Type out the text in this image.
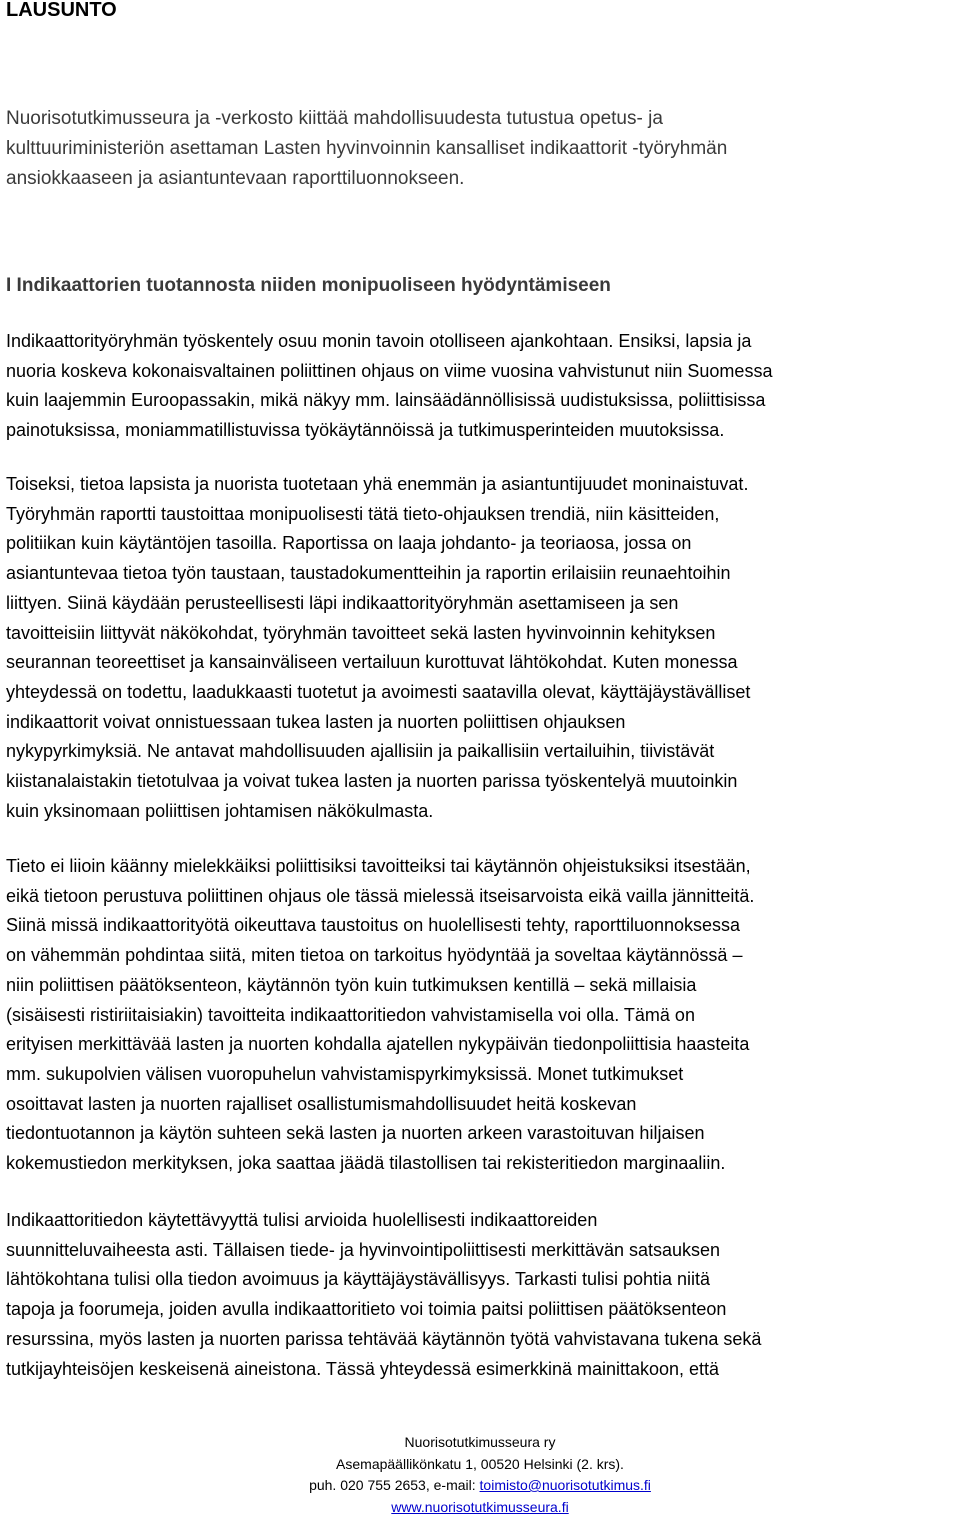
LAUSUNTO
Nuorisotutkimusseura ja -verkosto kiittää mahdollisuudesta tutustua opetus- ja
kulttuuriministeriön asettaman Lasten hyvinvoinnin kansalliset indikaattorit -työryhmän
ansiokkaaseen ja asiantuntevaan raporttiluonnokseen.
I Indikaattorien tuotannosta niiden monipuoliseen hyödyntämiseen
Indikaattorityöryhmän työskentely osuu monin tavoin otolliseen ajankohtaan. Ensiksi, lapsia ja
nuoria koskeva kokonaisvaltainen poliittinen ohjaus on viime vuosina vahvistunut niin Suomessa
kuin laajemmin Euroopassakin, mikä näkyy mm. lainsäädännöllisissä uudistuksissa, poliittisissa
painotuksissa, moniammatillistuvissa työkäytännöissä ja tutkimusperinteiden muutoksissa.
Toiseksi, tietoa lapsista ja nuorista tuotetaan yhä enemmän ja asiantuntijuudet moninaistuvat.
Työryhmän raportti taustoittaa monipuolisesti tätä tieto-ohjauksen trendiä, niin käsitteiden,
politiikan kuin käytäntöjen tasoilla. Raportissa on laaja johdanto- ja teoriaosa, jossa on
asiantuntevaa tietoa työn taustaan, taustadokumentteihin ja raportin erilaisiin reunaehtoihin
liittyen. Siinä käydään perusteellisesti läpi indikaattorityöryhmän asettamiseen ja sen
tavoitteisiin liittyvät näkökohdat, työryhmän tavoitteet sekä lasten hyvinvoinnin kehityksen
seurannan teoreettiset ja kansainväliseen vertailuun kurottuvat lähtökohdat. Kuten monessa
yhteydessä on todettu, laadukkaasti tuotetut ja avoimesti saatavilla olevat, käyttäjäystävälliset
indikaattorit voivat onnistuessaan tukea lasten ja nuorten poliittisen ohjauksen
nykypyrkimyksiä. Ne antavat mahdollisuuden ajallisiin ja paikallisiin vertailuihin, tiivistävät
kiistanalaistakin tietotulvaa ja voivat tukea lasten ja nuorten parissa työskentelyä muutoinkin
kuin yksinomaan poliittisen johtamisen näkökulmasta.
Tieto ei liioin käänny mielekkäiksi poliittisiksi tavoitteiksi tai käytännön ohjeistuksiksi itsestään,
eikä tietoon perustuva poliittinen ohjaus ole tässä mielessä itseisarvoista eikä vailla jännitteitä.
Siinä missä indikaattorityötä oikeuttava taustoitus on huolellisesti tehty, raporttiluonnoksessa
on vähemmän pohdintaa siitä, miten tietoa on tarkoitus hyödyntää ja soveltaa käytännössä –
niin poliittisen päätöksenteon, käytännön työn kuin tutkimuksen kentillä – sekä millaisia
(sisäisesti ristiriitaisiakin) tavoitteita indikaattoritiedon vahvistamisella voi olla. Tämä on
erityisen merkittävää lasten ja nuorten kohdalla ajatellen nykypäivän tiedonpoliittisia haasteita
mm. sukupolvien välisen vuoropuhelun vahvistamispyrkimyksissä. Monet tutkimukset
osoittavat lasten ja nuorten rajalliset osallistumismahdollisuudet heitä koskevan
tiedontuotannon ja käytön suhteen sekä lasten ja nuorten arkeen varastoituvan hiljaisen
kokemustiedon merkityksen, joka saattaa jäädä tilastollisen tai rekisteritiedon marginaaliin.
Indikaattoritiedon käytettävyyttä tulisi arvioida huolellisesti indikaattoreiden
suunnitteluvaiheesta asti. Tällaisen tiede- ja hyvinvointipoliittisesti merkittävän satsauksen
lähtökohtana tulisi olla tiedon avoimuus ja käyttäjäystävällisyys. Tarkasti tulisi pohtia niitä
tapoja ja foorumeja, joiden avulla indikaattoritieto voi toimia paitsi poliittisen päätöksenteon
resurssina, myös lasten ja nuorten parissa tehtävää käytännön työtä vahvistavana tukena sekä
tutkijayhteisöjen keskeisenä aineistona. Tässä yhteydessä esimerkkinä mainittakoon, että
Nuorisotutkimusseura ry
Asemapäällikönkatu 1, 00520 Helsinki (2. krs).
puh. 020 755 2653, e-mail: toimisto@nuorisotutkimus.fi
www.nuorisotutkimusseura.fi
